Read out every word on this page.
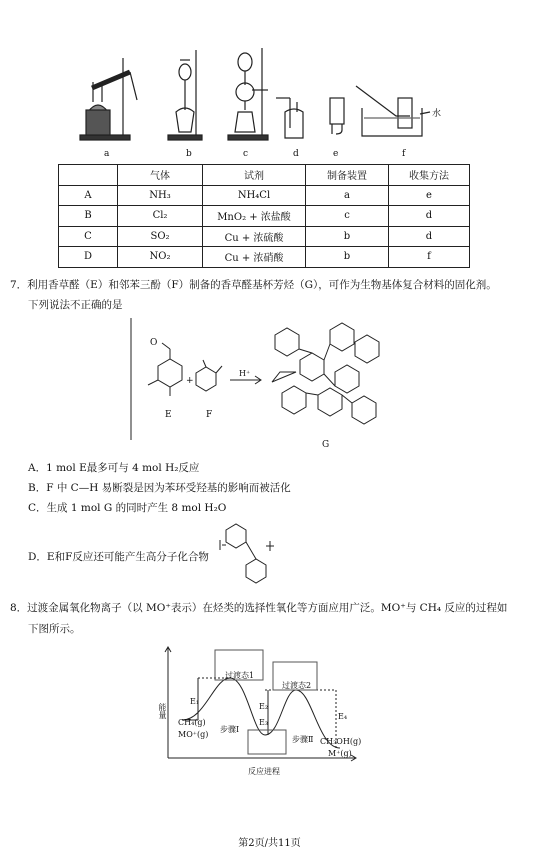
a	b	c	d	e	f
水
	气体	试剂	制备装置	收集方法
A	NH₃	NH₄Cl	a	e
B	Cl₂	MnO₂ + 浓盐酸	c	d
C	SO₂	Cu + 浓硫酸	b	d
D	NO₂	Cu + 浓硝酸	b	f
7．利用香草醛（E）和邻苯三酚（F）制备的香草醛基杯芳烃（G），可作为生物基体复合材料的固化剂。
下列说法不正确的是
O
E
+
F
H⁺
G
A．1 mol E最多可与 4 mol H₂反应
B．F 中 C—H 易断裂是因为苯环受羟基的影响而被活化
C．生成 1 mol G 的同时产生 8 mol H₂O
D．E和F反应还可能产生高分子化合物
8．过渡金属氧化物离子（以 MO⁺表示）在烃类的选择性氧化等方面应用广泛。MO⁺与 CH₄ 反应的过程如
下图所示。
能量
反应进程
过渡态1
过渡态2
CH₄(g)
MO⁺(g)
步骤Ⅰ
步骤Ⅱ CH₃OH(g)
M⁺(g)
E₁
E₂
E₃
E₄
第2页/共11页
